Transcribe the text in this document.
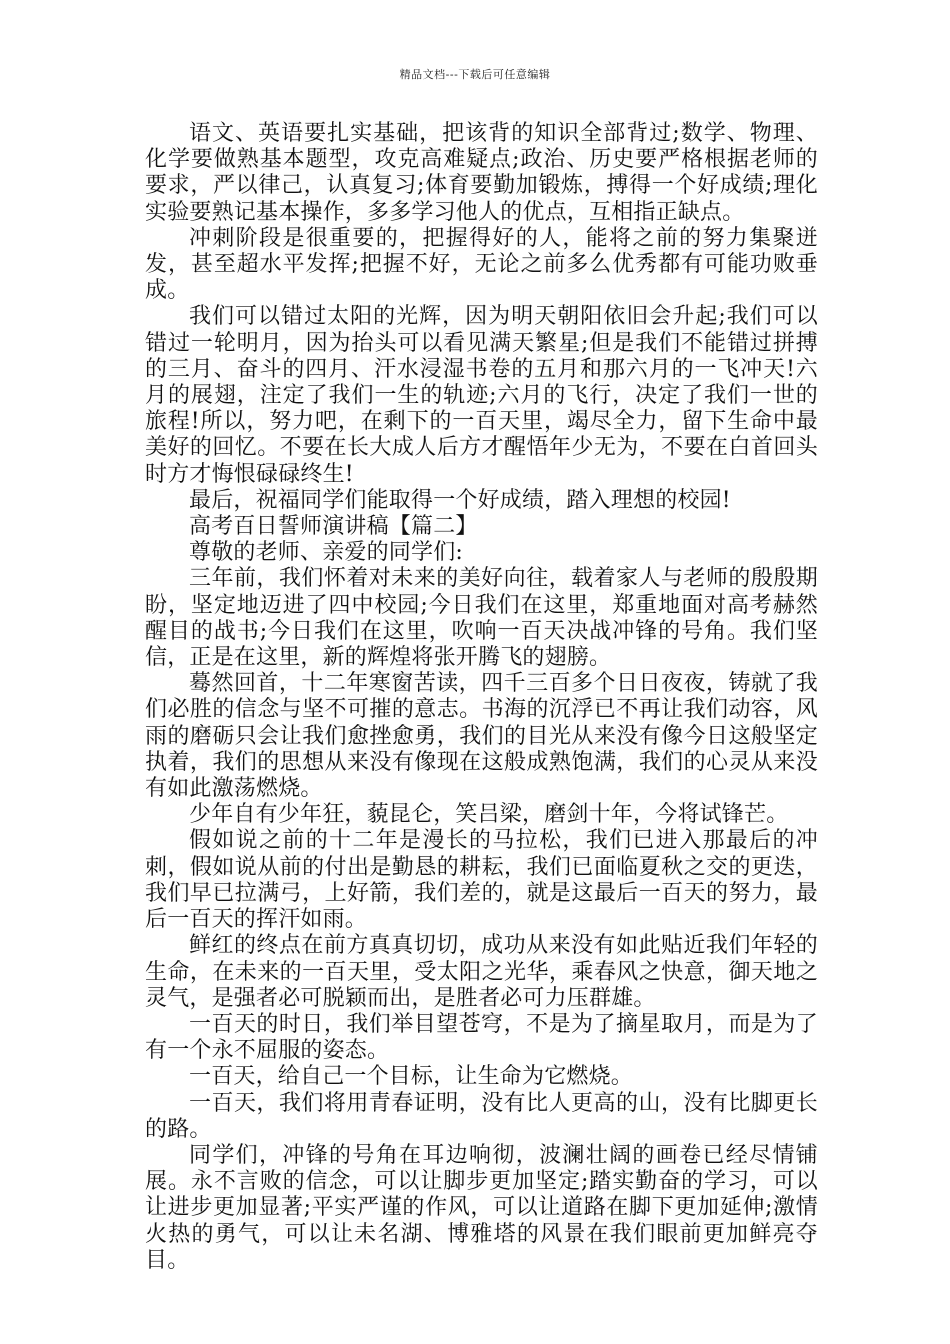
精品文档---下载后可任意编辑

语文、英语要扎实基础，把该背的知识全部背过;数学、物理、化学要做熟基本题型，攻克高难疑点;政治、历史要严格根据老师的要求，严以律己，认真复习;体育要勤加锻炼，搏得一个好成绩;理化实验要熟记基本操作，多多学习他人的优点，互相指正缺点。

冲刺阶段是很重要的，把握得好的人，能将之前的努力集聚迸发，甚至超水平发挥;把握不好，无论之前多么优秀都有可能功败垂成。

我们可以错过太阳的光辉，因为明天朝阳依旧会升起;我们可以错过一轮明月，因为抬头可以看见满天繁星;但是我们不能错过拼搏的三月、奋斗的四月、汗水浸湿书卷的五月和那六月的一飞冲天!六月的展翅，注定了我们一生的轨迹;六月的飞行，决定了我们一世的旅程!所以，努力吧，在剩下的一百天里，竭尽全力，留下生命中最美好的回忆。不要在长大成人后方才醒悟年少无为，不要在白首回头时方才悔恨碌碌终生!

最后，祝福同学们能取得一个好成绩，踏入理想的校园!

高考百日誓师演讲稿【篇二】

尊敬的老师、亲爱的同学们:

三年前，我们怀着对未来的美好向往，载着家人与老师的殷殷期盼，坚定地迈进了四中校园;今日我们在这里，郑重地面对高考赫然醒目的战书;今日我们在这里，吹响一百天决战冲锋的号角。我们坚信，正是在这里，新的辉煌将张开腾飞的翅膀。

蓦然回首，十二年寒窗苦读，四千三百多个日日夜夜，铸就了我们必胜的信念与坚不可摧的意志。书海的沉浮已不再让我们动容，风雨的磨砺只会让我们愈挫愈勇，我们的目光从来没有像今日这般坚定执着，我们的思想从来没有像现在这般成熟饱满，我们的心灵从来没有如此激荡燃烧。

少年自有少年狂，藐昆仑，笑吕梁，磨剑十年，今将试锋芒。

假如说之前的十二年是漫长的马拉松，我们已进入那最后的冲刺，假如说从前的付出是勤恳的耕耘，我们已面临夏秋之交的更迭，我们早已拉满弓，上好箭，我们差的，就是这最后一百天的努力，最后一百天的挥汗如雨。

鲜红的终点在前方真真切切，成功从来没有如此贴近我们年轻的生命，在未来的一百天里，受太阳之光华，乘春风之快意，御天地之灵气，是强者必可脱颖而出，是胜者必可力压群雄。

一百天的时日，我们举目望苍穹，不是为了摘星取月，而是为了有一个永不屈服的姿态。

一百天，给自己一个目标，让生命为它燃烧。

一百天，我们将用青春证明，没有比人更高的山，没有比脚更长的路。

同学们，冲锋的号角在耳边响彻，波澜壮阔的画卷已经尽情铺展。永不言败的信念，可以让脚步更加坚定;踏实勤奋的学习，可以让进步更加显著;平实严谨的作风，可以让道路在脚下更加延伸;激情火热的勇气，可以让未名湖、博雅塔的风景在我们眼前更加鲜亮夺目。
